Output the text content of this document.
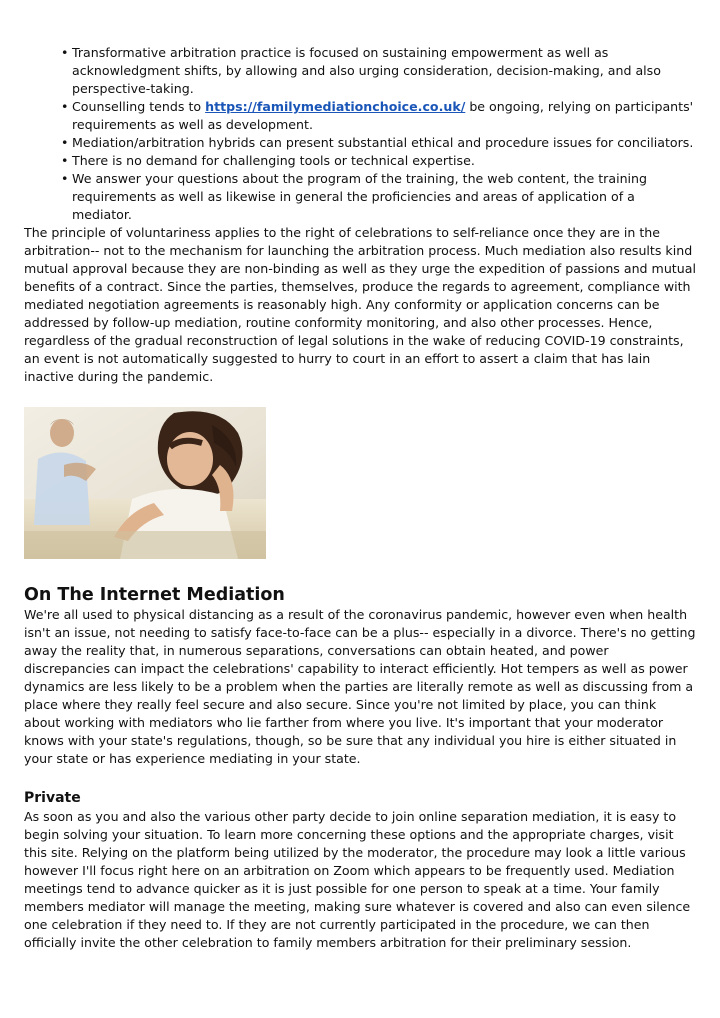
• Transformative arbitration practice is focused on sustaining empowerment as well as acknowledgment shifts, by allowing and also urging consideration, decision-making, and also perspective-taking.
• Counselling tends to https://familymediationchoice.co.uk/ be ongoing, relying on participants' requirements as well as development.
• Mediation/arbitration hybrids can present substantial ethical and procedure issues for conciliators.
• There is no demand for challenging tools or technical expertise.
• We answer your questions about the program of the training, the web content, the training requirements as well as likewise in general the proficiencies and areas of application of a mediator.

The principle of voluntariness applies to the right of celebrations to self-reliance once they are in the arbitration-- not to the mechanism for launching the arbitration process. Much mediation also results kind mutual approval because they are non-binding as well as they urge the expedition of passions and mutual benefits of a contract. Since the parties, themselves, produce the regards to agreement, compliance with mediated negotiation agreements is reasonably high. Any conformity or application concerns can be addressed by follow-up mediation, routine conformity monitoring, and also other processes. Hence, regardless of the gradual reconstruction of legal solutions in the wake of reducing COVID-19 constraints, an event is not automatically suggested to hurry to court in an effort to assert a claim that has lain inactive during the pandemic.

On The Internet Mediation

We're all used to physical distancing as a result of the coronavirus pandemic, however even when health isn't an issue, not needing to satisfy face-to-face can be a plus-- especially in a divorce. There's no getting away the reality that, in numerous separations, conversations can obtain heated, and power discrepancies can impact the celebrations' capability to interact efficiently. Hot tempers as well as power dynamics are less likely to be a problem when the parties are literally remote as well as discussing from a place where they really feel secure and also secure. Since you're not limited by place, you can think about working with mediators who lie farther from where you live. It's important that your moderator knows with your state's regulations, though, so be sure that any individual you hire is either situated in your state or has experience mediating in your state.

Private

As soon as you and also the various other party decide to join online separation mediation, it is easy to begin solving your situation. To learn more concerning these options and the appropriate charges, visit this site. Relying on the platform being utilized by the moderator, the procedure may look a little various however I'll focus right here on an arbitration on Zoom which appears to be frequently used. Mediation meetings tend to advance quicker as it is just possible for one person to speak at a time. Your family members mediator will manage the meeting, making sure whatever is covered and also can even silence one celebration if they need to. If they are not currently participated in the procedure, we can then officially invite the other celebration to family members arbitration for their preliminary session.
